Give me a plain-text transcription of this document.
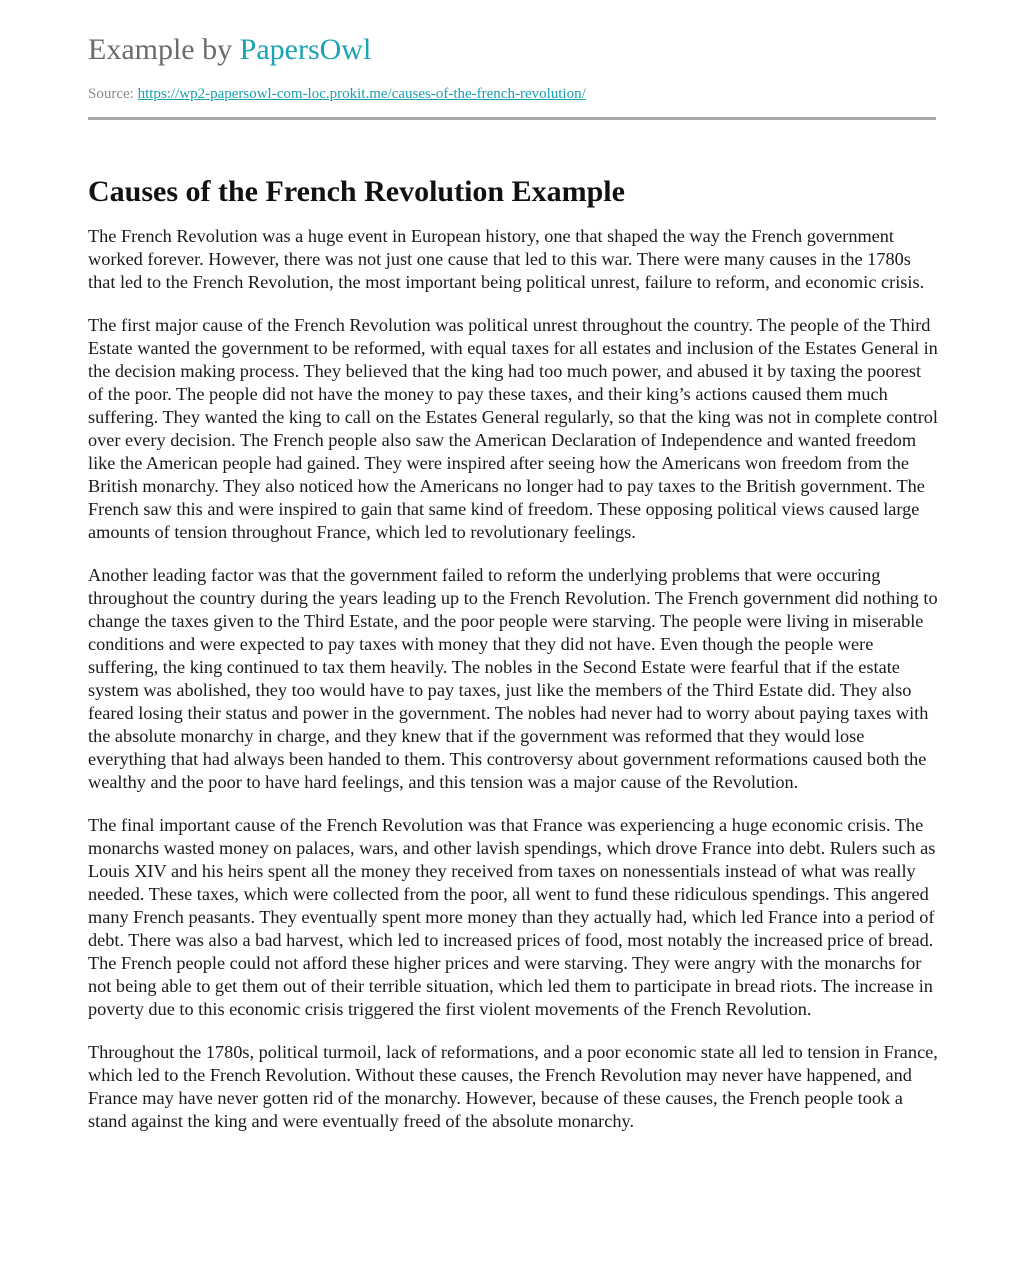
Example by PapersOwl
Source: https://wp2-papersowl-com-loc.prokit.me/causes-of-the-french-revolution/
Causes of the French Revolution Example

The French Revolution was a huge event in European history, one that shaped the way the French government worked forever. However, there was not just one cause that led to this war. There were many causes in the 1780s that led to the French Revolution, the most important being political unrest, failure to reform, and economic crisis.

The first major cause of the French Revolution was political unrest throughout the country. The people of the Third Estate wanted the government to be reformed, with equal taxes for all estates and inclusion of the Estates General in the decision making process. They believed that the king had too much power, and abused it by taxing the poorest of the poor. The people did not have the money to pay these taxes, and their king’s actions caused them much suffering. They wanted the king to call on the Estates General regularly, so that the king was not in complete control over every decision. The French people also saw the American Declaration of Independence and wanted freedom like the American people had gained. They were inspired after seeing how the Americans won freedom from the British monarchy. They also noticed how the Americans no longer had to pay taxes to the British government. The French saw this and were inspired to gain that same kind of freedom. These opposing political views caused large amounts of tension throughout France, which led to revolutionary feelings.

Another leading factor was that the government failed to reform the underlying problems that were occuring throughout the country during the years leading up to the French Revolution. The French government did nothing to change the taxes given to the Third Estate, and the poor people were starving. The people were living in miserable conditions and were expected to pay taxes with money that they did not have. Even though the people were suffering, the king continued to tax them heavily. The nobles in the Second Estate were fearful that if the estate system was abolished, they too would have to pay taxes, just like the members of the Third Estate did. They also feared losing their status and power in the government. The nobles had never had to worry about paying taxes with the absolute monarchy in charge, and they knew that if the government was reformed that they would lose everything that had always been handed to them. This controversy about government reformations caused both the wealthy and the poor to have hard feelings, and this tension was a major cause of the Revolution.

The final important cause of the French Revolution was that France was experiencing a huge economic crisis. The monarchs wasted money on palaces, wars, and other lavish spendings, which drove France into debt. Rulers such as Louis XIV and his heirs spent all the money they received from taxes on nonessentials instead of what was really needed. These taxes, which were collected from the poor, all went to fund these ridiculous spendings. This angered many French peasants. They eventually spent more money than they actually had, which led France into a period of debt. There was also a bad harvest, which led to increased prices of food, most notably the increased price of bread. The French people could not afford these higher prices and were starving. They were angry with the monarchs for not being able to get them out of their terrible situation, which led them to participate in bread riots. The increase in poverty due to this economic crisis triggered the first violent movements of the French Revolution.

Throughout the 1780s, political turmoil, lack of reformations, and a poor economic state all led to tension in France, which led to the French Revolution. Without these causes, the French Revolution may never have happened, and France may have never gotten rid of the monarchy. However, because of these causes, the French people took a stand against the king and were eventually freed of the absolute monarchy.
